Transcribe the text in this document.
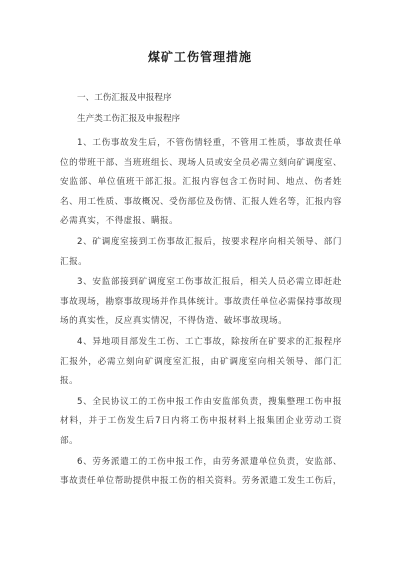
煤矿工伤管理措施
一、工伤汇报及申报程序
生产类工伤汇报及申报程序

1、工伤事故发生后，不管伤情轻重，不管用工性质，事故责任单位的带班干部、当班班组长、现场人员或安全员必需立刻向矿调度室、安监部、单位值班干部汇报。汇报内容包含工伤时间、地点、伤者姓名、用工性质、事故概况、受伤部位及伤情、汇报人姓名等，汇报内容必需真实，不得虚报、瞒报。

2、矿调度室接到工伤事故汇报后，按要求程序向相关领导、部门汇报。

3、安监部接到矿调度室工伤事故汇报后，相关人员必需立即赶赴事故现场，勘察事故现场并作具体统计。事故责任单位必需保持事故现场的真实性，反应真实情况，不得伪造、破坏事故现场。

4、异地项目部发生工伤、工亡事故，除按所在矿要求的汇报程序汇报外，必需立刻向矿调度室汇报，由矿调度室向相关领导、部门汇报。

5、全民协议工的工伤申报工作由安监部负责，搜集整理工伤申报材料，并于工伤发生后7日内将工伤申报材料上报集团企业劳动工资部。

6、劳务派遣工的工伤申报工作，由劳务派遣单位负责，安监部、事故责任单位帮助提供申报工伤的相关资料。劳务派遣工发生工伤后，
